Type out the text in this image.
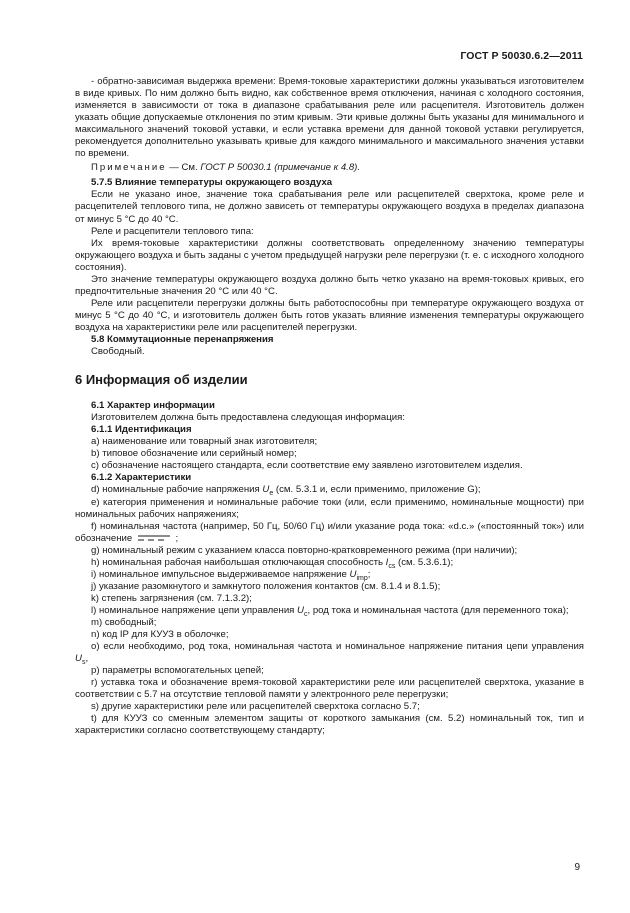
ГОСТ Р 50030.6.2—2011

- обратно-зависимая выдержка времени: Время-токовые характеристики должны указываться изготовителем в виде кривых. По ним должно быть видно, как собственное время отключения, начиная с холодного состояния, изменяется в зависимости от тока в диапазоне срабатывания реле или расцепителя. Изготовитель должен указать общие допускаемые отклонения по этим кривым. Эти кривые должны быть указаны для минимального и максимального значений токовой уставки, и если уставка времени для данной токовой уставки регулируется, рекомендуется дополнительно указывать кривые для каждого минимального и максимального значения уставки по времени.

Примечание — См. ГОСТ Р 50030.1 (примечание к 4.8).

5.7.5 Влияние температуры окружающего воздуха

Если не указано иное, значение тока срабатывания реле или расцепителей сверхтока, кроме реле и расцепителей теплового типа, не должно зависеть от температуры окружающего воздуха в пределах диапазона от минус 5 °С до 40 °С.

Реле и расцепители теплового типа:

Их время-токовые характеристики должны соответствовать определенному значению температуры окружающего воздуха и быть заданы с учетом предыдущей нагрузки реле перегрузки (т. е. с исходного холодного состояния).

Это значение температуры окружающего воздуха должно быть четко указано на время-токовых кривых, его предпочтительные значения 20 °С или 40 °С.

Реле или расцепители перегрузки должны быть работоспособны при температуре окружающего воздуха от минус 5 °С до 40 °С, и изготовитель должен быть готов указать влияние изменения температуры окружающего воздуха на характеристики реле или расцепителей перегрузки.

5.8 Коммутационные перенапряжения

Свободный.

6 Информация об изделии

6.1 Характер информации

Изготовителем должна быть предоставлена следующая информация:

6.1.1 Идентификация

a) наименование или товарный знак изготовителя;

b) типовое обозначение или серийный номер;

c) обозначение настоящего стандарта, если соответствие ему заявлено изготовителем изделия.

6.1.2 Характеристики

d) номинальные рабочие напряжения $U_e$ (см. 5.3.1 и, если применимо, приложение G);

e) категория применения и номинальные рабочие токи (или, если применимо, номинальные мощности) при номинальных рабочих напряжениях;

f) номинальная частота (например, 50 Гц, 50/60 Гц) и/или указание рода тока: «d.c.» («постоянный ток») или обозначение	;

g) номинальный режим с указанием класса повторно-кратковременного режима (при наличии);

h) номинальная рабочая наибольшая отключающая способность $I_{cs}$ (см. 5.3.6.1);

i) номинальное импульсное выдерживаемое напряжение $U_{imp}$;

j) указание разомкнутого и замкнутого положения контактов (см. 8.1.4 и 8.1.5);

k) степень загрязнения (см. 7.1.3.2);

l) номинальное напряжение цепи управления $U_c$, род тока и номинальная частота (для переменного тока);

m) свободный;

n) код IP для КУУЗ в оболочке;

o) если необходимо, род тока, номинальная частота и номинальное напряжение питания цепи управления $U_s$,

p) параметры вспомогательных цепей;

r) уставка тока и обозначение время-токовой характеристики реле или расцепителей сверхтока, указание в соответствии с 5.7 на отсутствие тепловой памяти у электронного реле перегрузки;

s) другие характеристики реле или расцепителей сверхтока согласно 5.7;

t) для КУУЗ со сменным элементом защиты от короткого замыкания (см. 5.2) номинальный ток, тип и характеристики согласно соответствующему стандарту;

9
